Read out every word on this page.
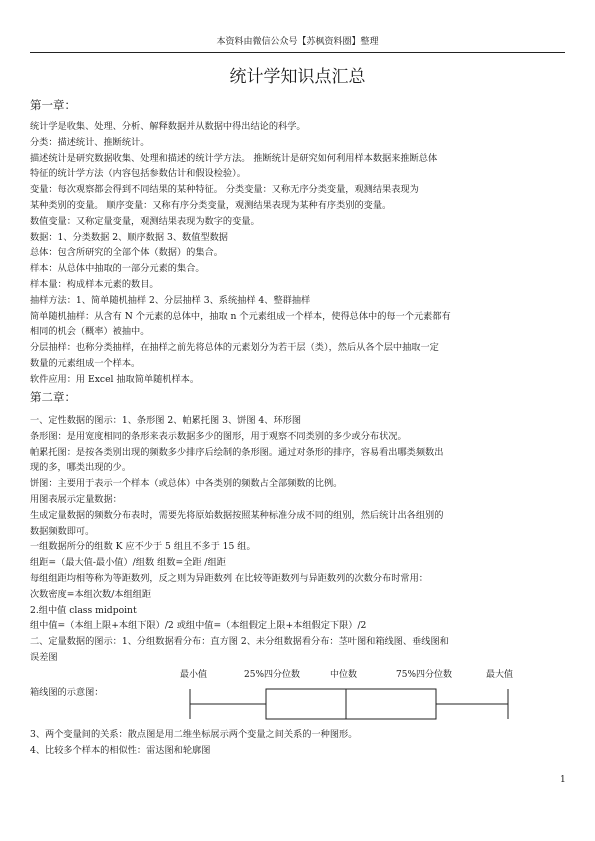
本资料由微信公众号【苏枫资料圈】整理
统计学知识点汇总
第一章：
统计学是收集、处理、分析、解释数据并从数据中得出结论的科学。
分类：描述统计、推断统计。
描述统计是研究数据收集、处理和描述的统计学方法。 推断统计是研究如何利用样本数据来推断总体
特征的统计学方法（内容包括参数估计和假设检验）。
变量：每次观察都会得到不同结果的某种特征。 分类变量：又称无序分类变量，观测结果表现为
某种类别的变量。 顺序变量：又称有序分类变量，观测结果表现为某种有序类别的变量。
数值变量：又称定量变量，观测结果表现为数字的变量。
数据：1、分类数据 2、顺序数据 3、数值型数据
总体：包含所研究的全部个体（数据）的集合。
样本：从总体中抽取的一部分元素的集合。
样本量：构成样本元素的数目。
抽样方法：1、简单随机抽样 2、分层抽样 3、系统抽样 4、整群抽样
简单随机抽样：从含有 N 个元素的总体中，抽取 n 个元素组成一个样本，使得总体中的每一个元素都有
相同的机会（概率）被抽中。
分层抽样：也称分类抽样，在抽样之前先将总体的元素划分为若干层（类），然后从各个层中抽取一定
数量的元素组成一个样本。
软件应用：用 Excel 抽取简单随机样本。
第二章：
一、定性数据的图示：1、条形图 2、帕累托图 3、饼图 4、环形图
条形图：是用宽度相同的条形来表示数据多少的图形，用于观察不同类别的多少或分布状况。
帕累托图：是按各类别出现的频数多少排序后绘制的条形图。通过对条形的排序，容易看出哪类频数出
现的多，哪类出现的少。
饼图：主要用于表示一个样本（或总体）中各类别的频数占全部频数的比例。
用图表展示定量数据：
生成定量数据的频数分布表时，需要先将原始数据按照某种标准分成不同的组别，然后统计出各组别的
数据频数即可。
一组数据所分的组数 K 应不少于 5 组且不多于 15 组。
组距=（最大值-最小值）/组数 组数=全距 /组距
每组组距均相等称为等距数列，反之则为异距数列 在比较等距数列与异距数列的次数分布时常用：
次数密度=本组次数/本组组距
2.组中值 class midpoint
组中值=（本组上限+本组下限）/2 或组中值=（本组假定上限+本组假定下限）/2
二、定量数据的图示：1、分组数据看分布：直方图 2、未分组数据看分布：茎叶图和箱线图、垂线图和
误差图
最小值	25%四分位数	中位数	75%四分位数	最大值
箱线图的示意图：
3、两个变量间的关系：散点图是用二维坐标展示两个变量之间关系的一种图形。
4、比较多个样本的相似性：雷达图和轮廓图
1
